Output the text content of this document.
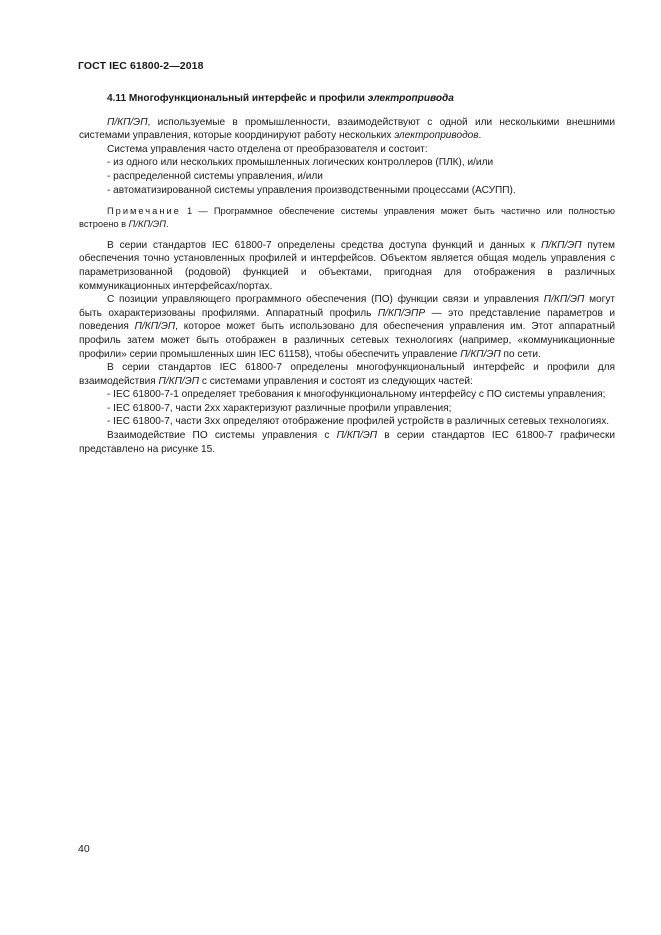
ГОСТ IEC 61800-2—2018

4.11 Многофункциональный интерфейс и профили электропривода

П/КП/ЭП, используемые в промышленности, взаимодействуют с одной или несколькими внешними системами управления, которые координируют работу нескольких электроприводов.

Система управления часто отделена от преобразователя и состоит:

- из одного или нескольких промышленных логических контроллеров (ПЛК), и/или

- распределенной системы управления, и/или

- автоматизированной системы управления производственными процессами (АСУПП).

Примечание 1 — Программное обеспечение системы управления может быть частично или полностью встроено в П/КП/ЭП.

В серии стандартов IEC 61800-7 определены средства доступа функций и данных к П/КП/ЭП путем обеспечения точно установленных профилей и интерфейсов. Объектом является общая модель управления с параметризованной (родовой) функцией и объектами, пригодная для отображения в различных коммуникационных интерфейсах/портах.

С позиции управляющего программного обеспечения (ПО) функции связи и управления П/КП/ЭП могут быть охарактеризованы профилями. Аппаратный профиль П/КП/ЭПР — это представление параметров и поведения П/КП/ЭП, которое может быть использовано для обеспечения управления им. Этот аппаратный профиль затем может быть отображен в различных сетевых технологиях (например, «коммуникационные профили» серии промышленных шин IEC 61158), чтобы обеспечить управление П/КП/ЭП по сети.

В серии стандартов IEC 61800-7 определены многофункциональный интерфейс и профили для взаимодействия П/КП/ЭП с системами управления и состоят из следующих частей:

- IEC 61800-7-1 определяет требования к многофункциональному интерфейсу с ПО системы управления;

- IEC 61800-7, части 2xx характеризуют различные профили управления;

- IEC 61800-7, части 3xx определяют отображение профилей устройств в различных сетевых технологиях.

Взаимодействие ПО системы управления с П/КП/ЭП в серии стандартов IEC 61800-7 графически представлено на рисунке 15.

40
